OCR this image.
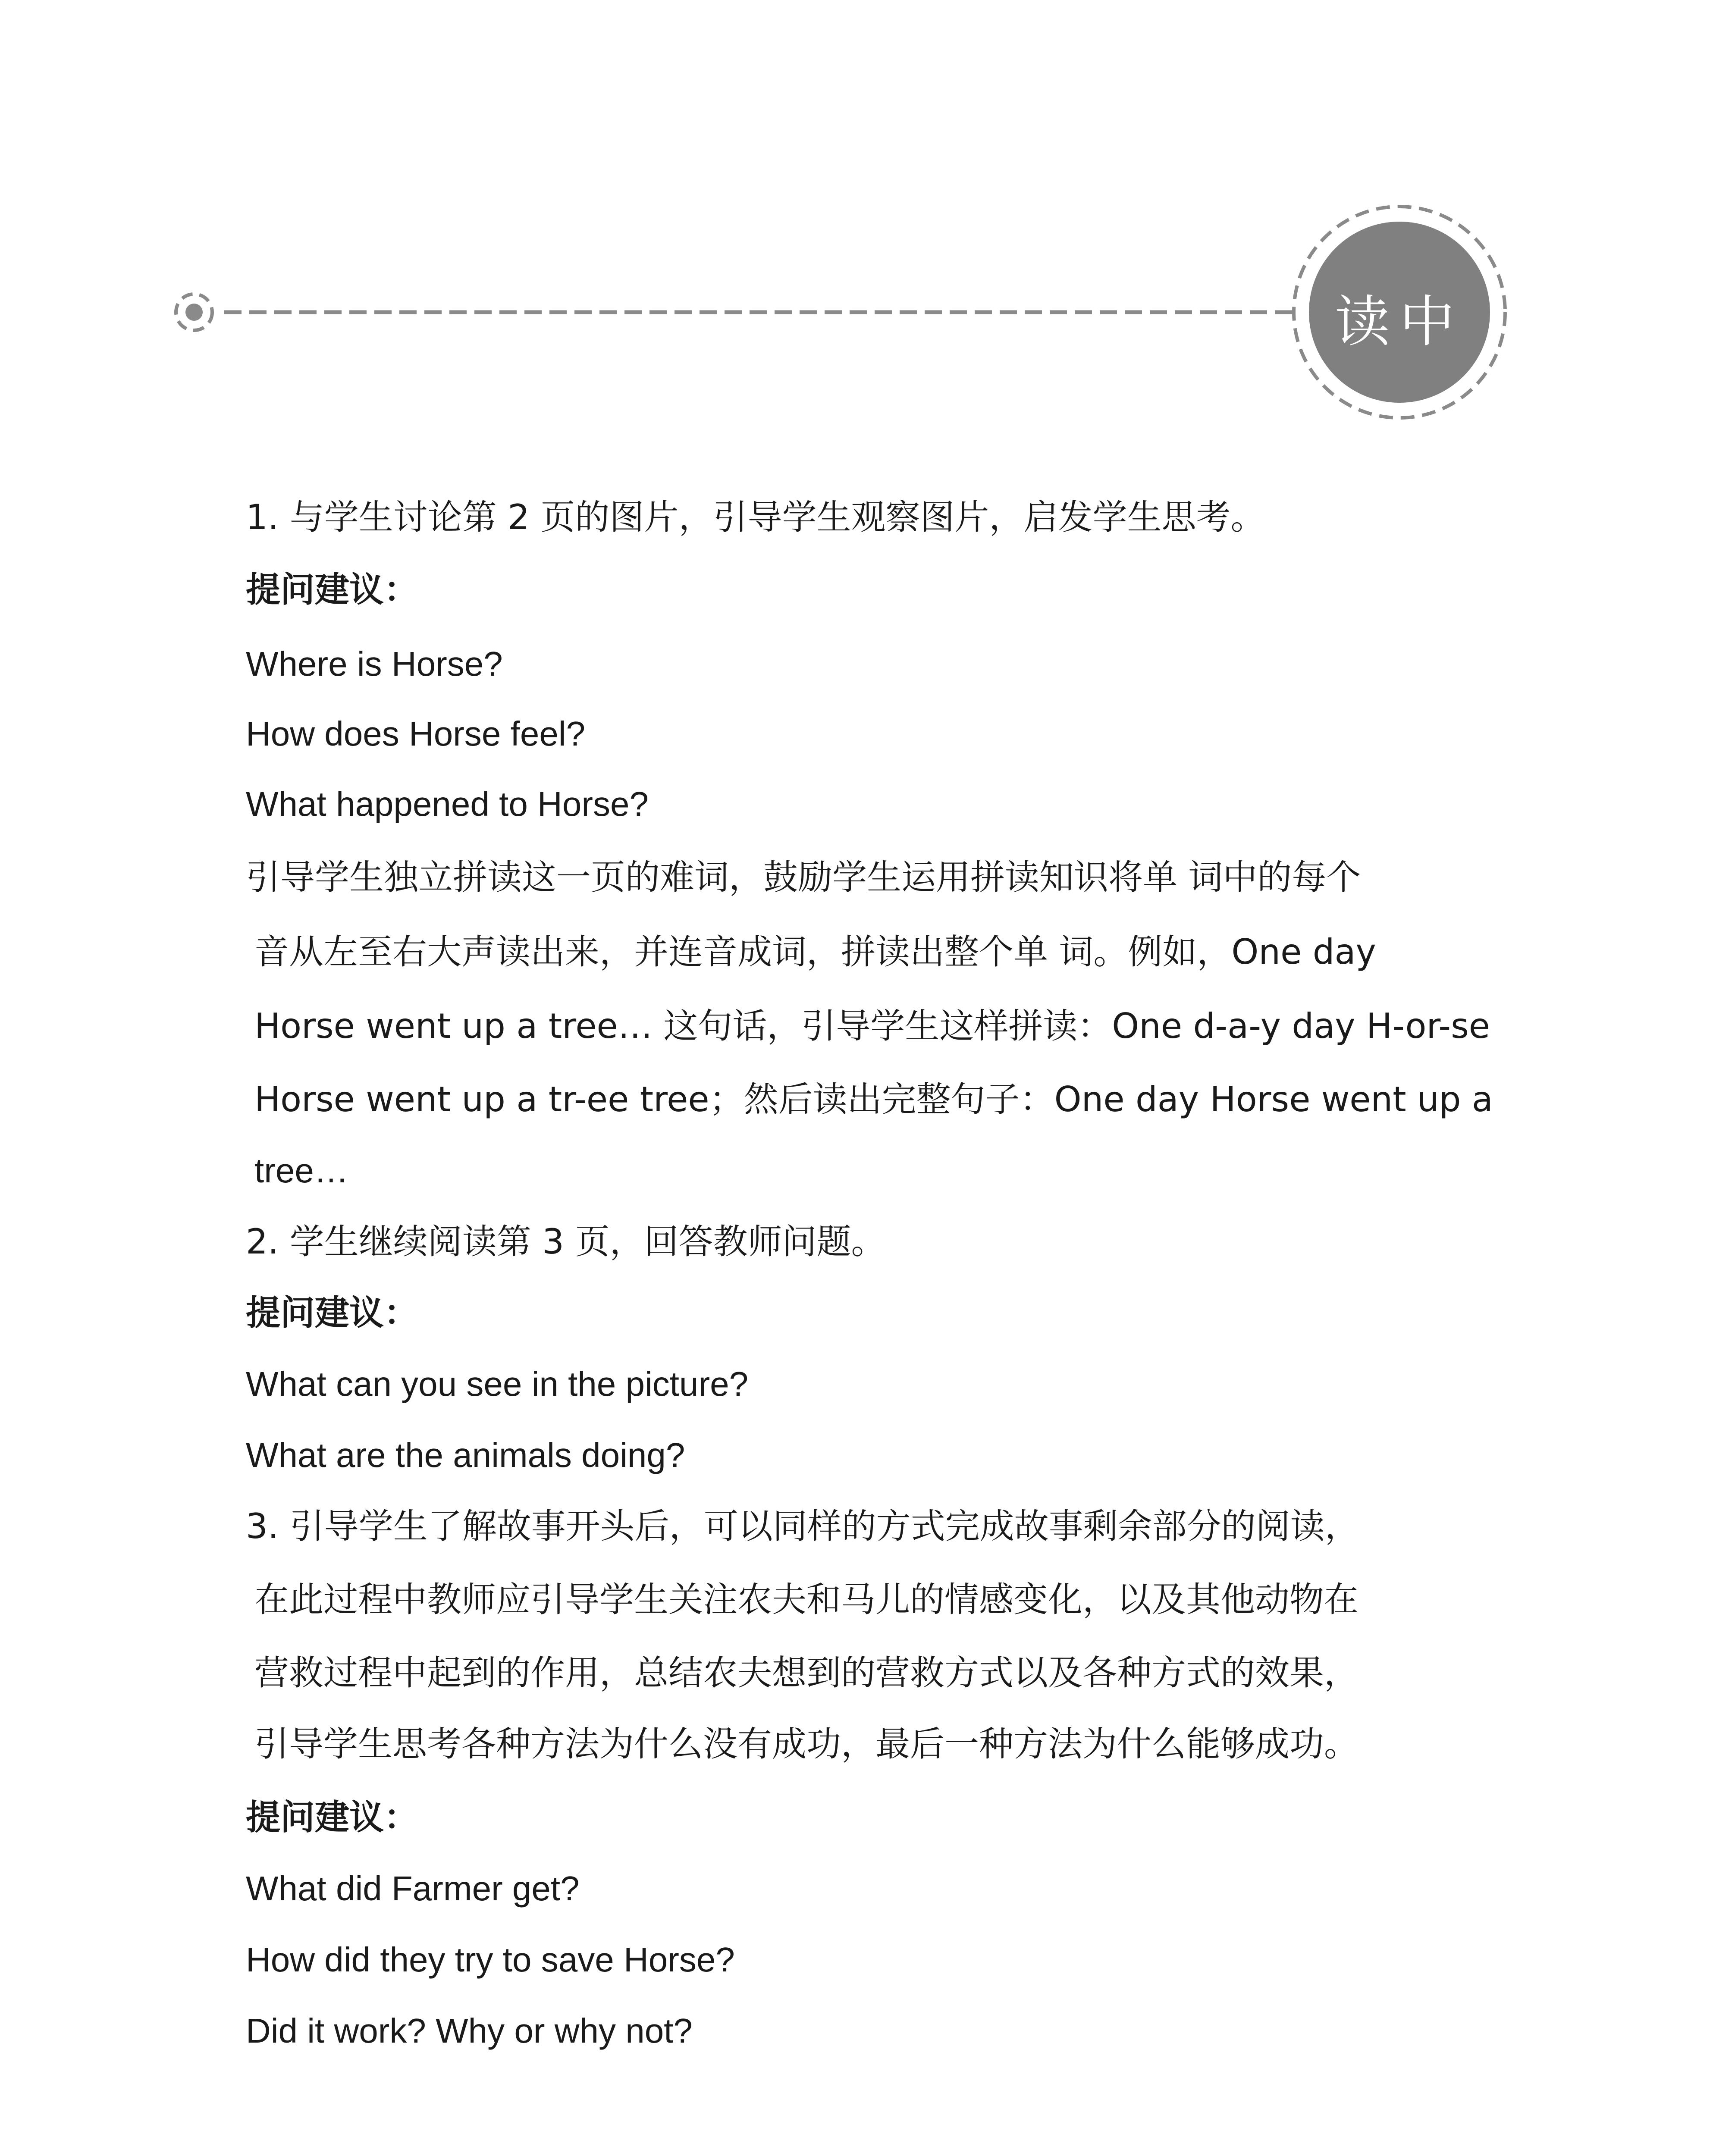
读中
1. 与学生讨论第 2 页的图片，引导学生观察图片，启发学生思考。
提问建议：
Where is Horse?
How does Horse feel?
What happened to Horse?
引导学生独立拼读这一页的难词，鼓励学生运用拼读知识将单 词中的每个
音从左至右大声读出来，并连音成词，拼读出整个单 词。例如，One day
Horse went up a tree… 这句话，引导学生这样拼读：One d-a-y day H-or-se
Horse went up a tr-ee tree；然后读出完整句子：One day Horse went up a
tree…
2. 学生继续阅读第 3 页，回答教师问题。
提问建议：
What can you see in the picture?
What are the animals doing?
3. 引导学生了解故事开头后，可以同样的方式完成故事剩余部分的阅读，
在此过程中教师应引导学生关注农夫和马儿的情感变化，以及其他动物在
营救过程中起到的作用，总结农夫想到的营救方式以及各种方式的效果，
引导学生思考各种方法为什么没有成功，最后一种方法为什么能够成功。
提问建议：
What did Farmer get?
How did they try to save Horse?
Did it work? Why or why not?
